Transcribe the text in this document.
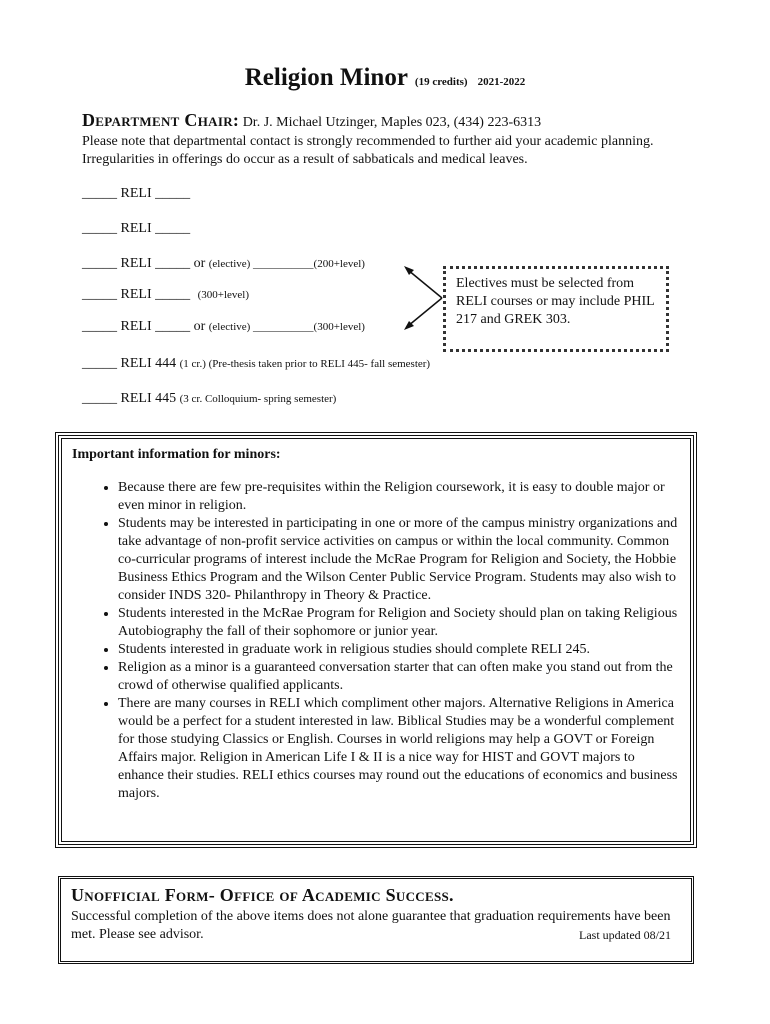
Religion Minor (19 credits) 2021-2022
Department Chair: Dr. J. Michael Utzinger, Maples 023, (434) 223-6313
Please note that departmental contact is strongly recommended to further aid your academic planning. Irregularities in offerings do occur as a result of sabbaticals and medical leaves.
_____ RELI _____
_____ RELI _____
_____ RELI _____ or (elective) ___________(200+level)
_____ RELI _____ (300+level)
_____ RELI _____ or (elective) ___________(300+level)
_____ RELI 444 (1 cr.) (Pre-thesis taken prior to RELI 445- fall semester)
_____ RELI 445 (3 cr. Colloquium- spring semester)
Electives must be selected from RELI courses or may include PHIL 217 and GREK 303.
Important information for minors:
• Because there are few pre-requisites within the Religion coursework, it is easy to double major or even minor in religion.
• Students may be interested in participating in one or more of the campus ministry organizations and take advantage of non-profit service activities on campus or within the local community. Common co-curricular programs of interest include the McRae Program for Religion and Society, the Hobbie Business Ethics Program and the Wilson Center Public Service Program. Students may also wish to consider INDS 320- Philanthropy in Theory & Practice.
• Students interested in the McRae Program for Religion and Society should plan on taking Religious Autobiography the fall of their sophomore or junior year.
• Students interested in graduate work in religious studies should complete RELI 245.
• Religion as a minor is a guaranteed conversation starter that can often make you stand out from the crowd of otherwise qualified applicants.
• There are many courses in RELI which compliment other majors. Alternative Religions in America would be a perfect for a student interested in law. Biblical Studies may be a wonderful complement for those studying Classics or English. Courses in world religions may help a GOVT or Foreign Affairs major. Religion in American Life I & II is a nice way for HIST and GOVT majors to enhance their studies. RELI ethics courses may round out the educations of economics and business majors.
Unofficial Form- Office of Academic Success.
Successful completion of the above items does not alone guarantee that graduation requirements have been met. Please see advisor.	Last updated 08/21
